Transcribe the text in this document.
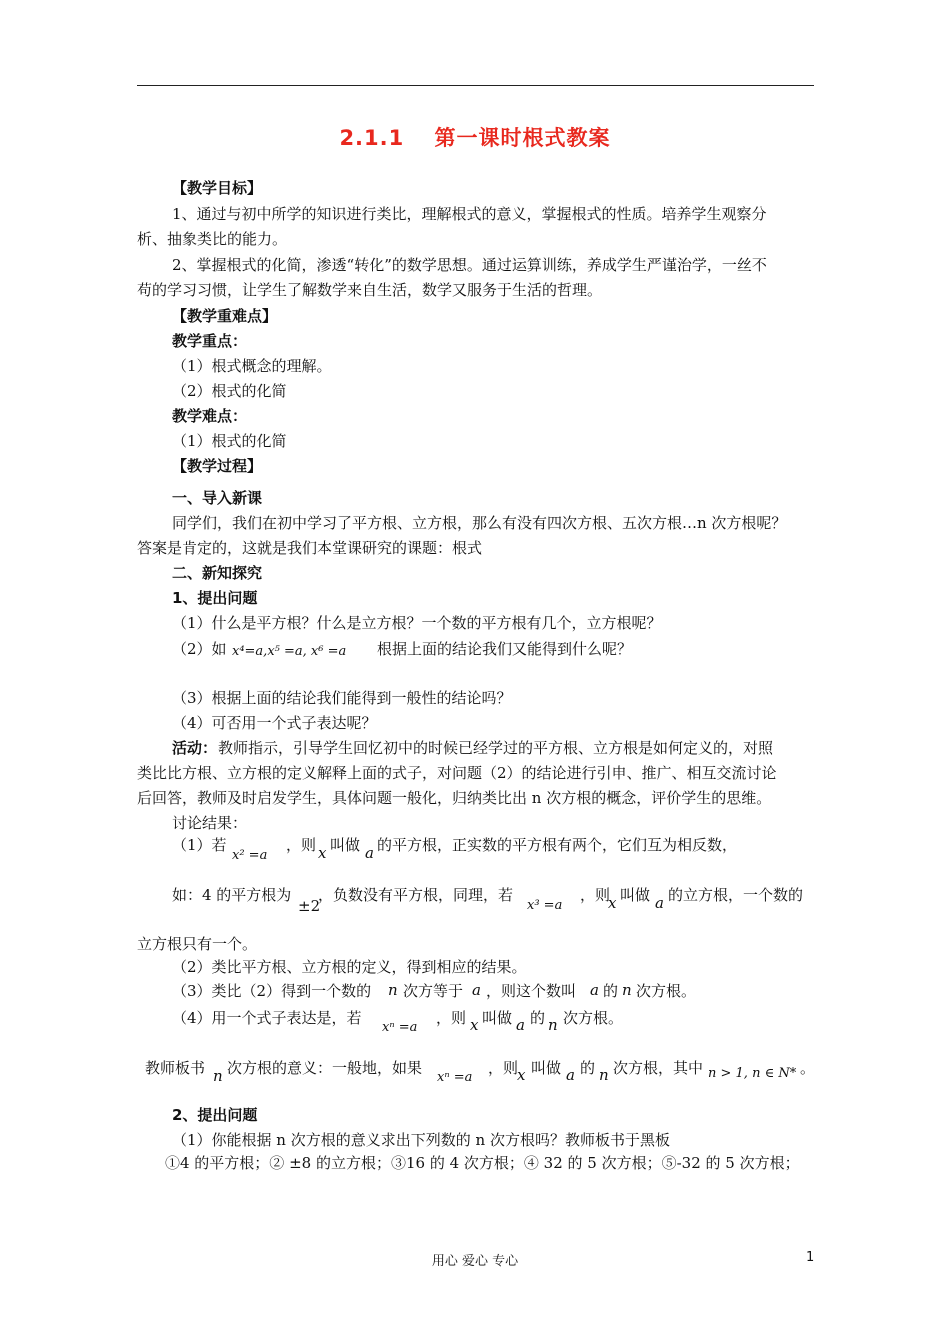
2.1.1　 第一课时根式教案
【教学目标】
1、通过与初中所学的知识进行类比，理解根式的意义，掌握根式的性质。培养学生观察分
析、抽象类比的能力。
2、掌握根式的化简，渗透“转化”的数学思想。通过运算训练，养成学生严谨治学，一丝不
苟的学习习惯，让学生了解数学来自生活，数学又服务于生活的哲理。
【教学重难点】
教学重点：
（1）根式概念的理解。
（2）根式的化简
教学难点：
（1）根式的化简
【教学过程】
一、导入新课
同学们，我们在初中学习了平方根、立方根，那么有没有四次方根、五次方根…n 次方根呢？
答案是肯定的，这就是我们本堂课研究的课题：根式
二、新知探究
1、提出问题
（1）什么是平方根？什么是立方根？一个数的平方根有几个，立方根呢？
（2）如 x⁴=a,x⁵ =a, x⁶ =a 根据上面的结论我们又能得到什么呢？
（3）根据上面的结论我们能得到一般性的结论吗？
（4）可否用一个式子表达呢？
活动： 教师指示，引导学生回忆初中的时候已经学过的平方根、立方根是如何定义的，对照
类比比方根、立方根的定义解释上面的式子，对问题（2）的结论进行引申、推广、相互交流讨论
后回答，教师及时启发学生，具体问题一般化，归纳类比出 n 次方根的概念，评价学生的思维。
讨论结果：
（1）若
x² =a
，则 x 叫做 a 的平方根，正实数的平方根有两个，它们互为相反数，
如：4 的平方根为
±2
，负数没有平方根，同理，若
x³ =a
，则
x 叫做 a 的立方根，一个数的
立方根只有一个。
（2）类比平方根、立方根的定义，得到相应的结果。
（3）类比（2）得到一个数的 n 次方等于 a ，则这个数叫 a 的 n 次方根。
（4）用一个式子表达是，若
xⁿ =a
，则 x 叫做 a 的 n 次方根。
教师板书 n 次方根的意义：一般地，如果
xⁿ =a
，则
x 叫做 a 的 n 次方根，其中 n > 1, n ∈ N* 。
2、提出问题
（1）你能根据 n 次方根的意义求出下列数的 n 次方根吗？教师板书于黑板
①4 的平方根；② ±8 的立方根；③16 的 4 次方根；④ 32 的 5 次方根；⑤-32 的 5 次方根；
用心 爱心 专心	1
